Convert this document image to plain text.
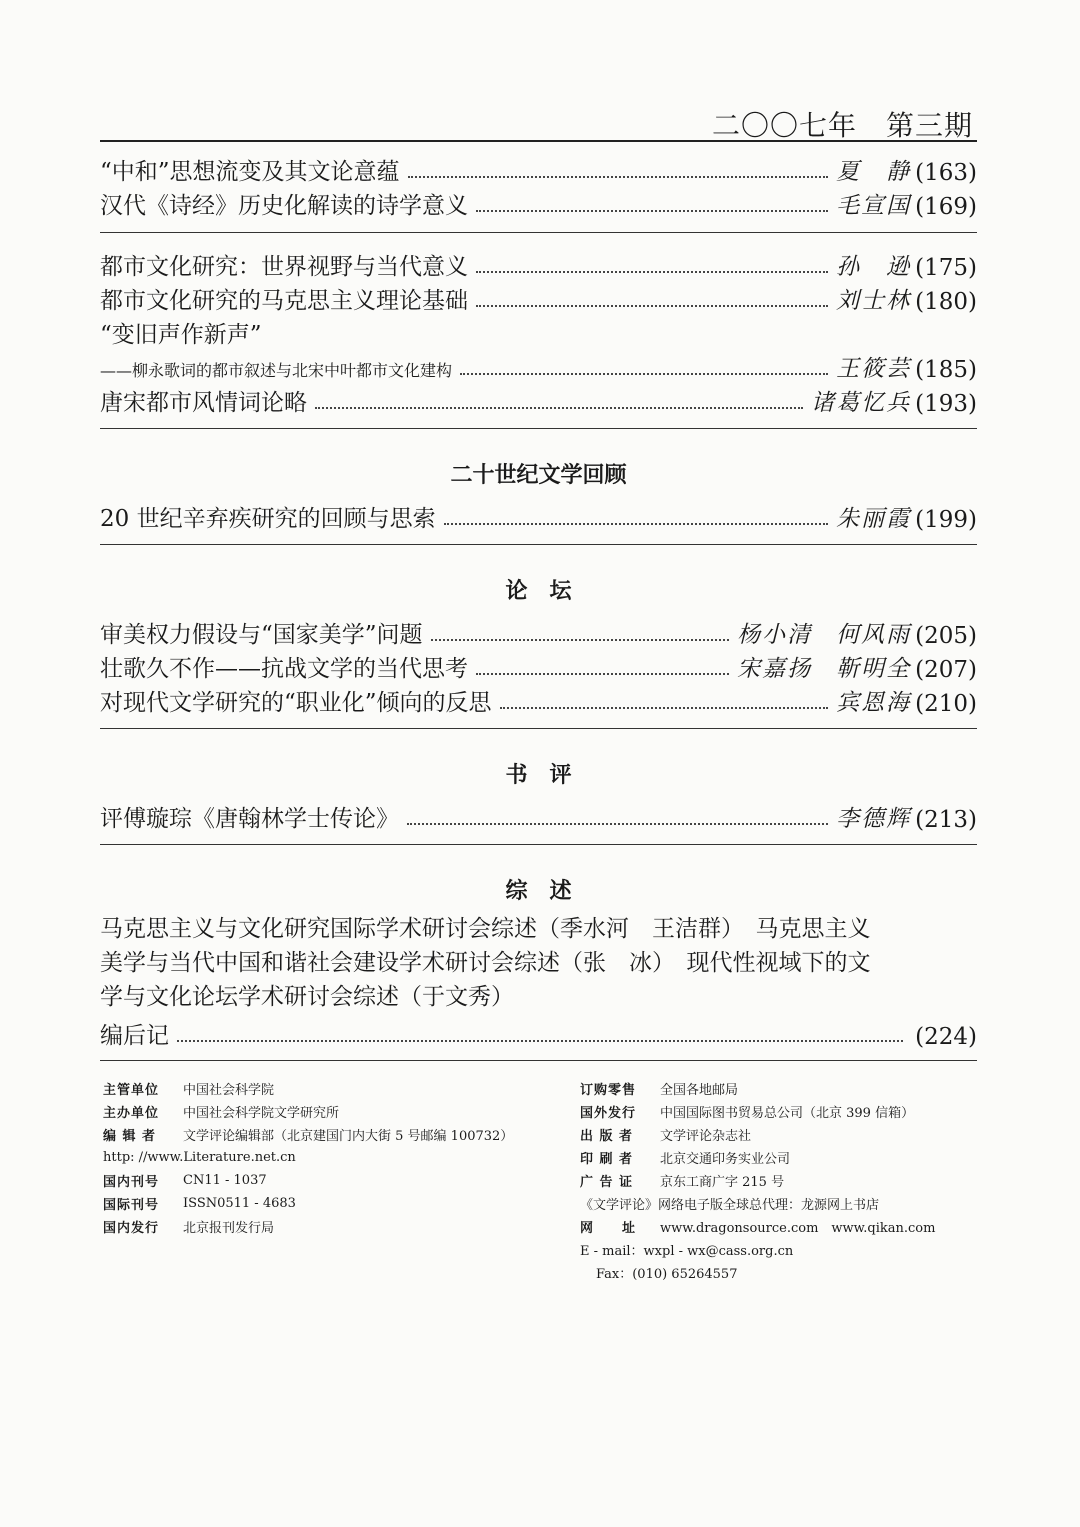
二〇〇七年　第三期
“中和”思想流变及其文论意蕴	夏　静 (163)
汉代《诗经》历史化解读的诗学意义	毛宣国 (169)
都市文化研究：世界视野与当代意义	孙　逊 (175)
都市文化研究的马克思主义理论基础	刘士林 (180)
“变旧声作新声”
——柳永歌词的都市叙述与北宋中叶都市文化建构	王筱芸 (185)
唐宋都市风情词论略	诸葛忆兵 (193)
二十世纪文学回顾
20 世纪辛弃疾研究的回顾与思索	朱丽霞 (199)
论　坛
审美权力假设与“国家美学”问题	杨小清 何风雨 (205)
壮歌久不作——抗战文学的当代思考	宋嘉扬 靳明全 (207)
对现代文学研究的“职业化”倾向的反思	宾恩海 (210)
书　评
评傅璇琮《唐翰林学士传论》	李德辉 (213)
综　述
马克思主义与文化研究国际学术研讨会综述（季水河　王洁群）　马克思主义
美学与当代中国和谐社会建设学术研讨会综述（张　冰）　现代性视域下的文
学与文化论坛学术研讨会综述（于文秀）
编后记	(224)
主管单位	中国社会科学院
主办单位	中国社会科学院文学研究所
编 辑 者	文学评论编辑部（北京建国门内大街 5 号邮编 100732）
http: //www.Literature.net.cn
国内刊号	CN11 - 1037
国际刊号	ISSN0511 - 4683
国内发行	北京报刊发行局
订购零售	全国各地邮局
国外发行	中国国际图书贸易总公司（北京 399 信箱）
出 版 者	文学评论杂志社
印 刷 者	北京交通印务实业公司
广 告 证	京东工商广字 215 号
《文学评论》网络电子版全球总代理：龙源网上书店
网　　址	www.dragonsource.com　www.qikan.com
E - mail：wxpl - wx@cass.org.cn
Fax：(010) 65264557
